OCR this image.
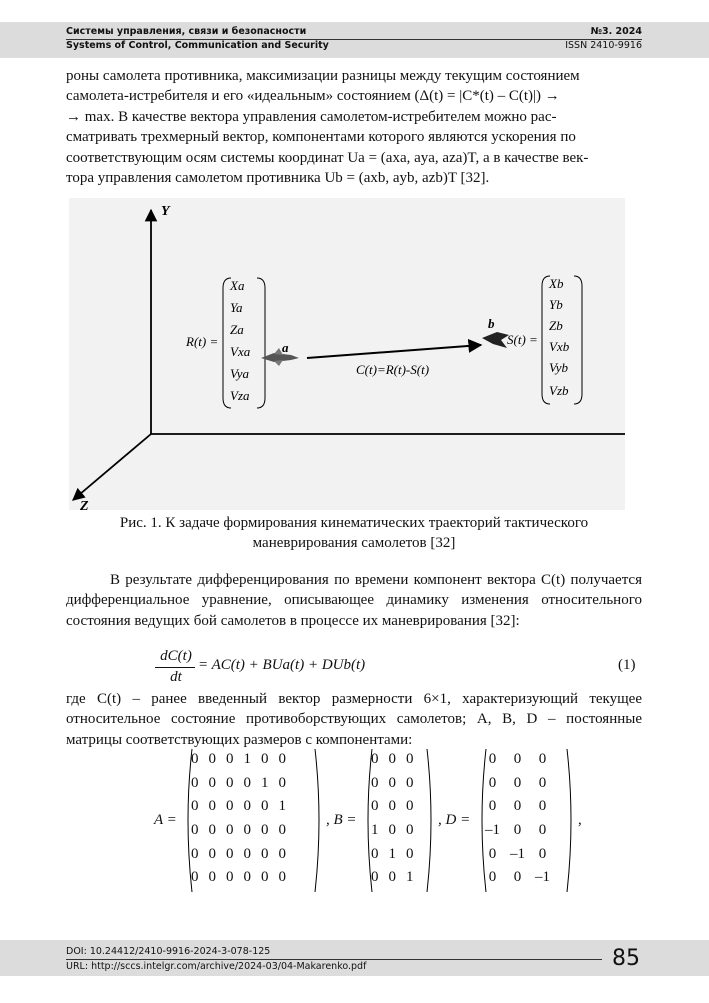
Системы управления, связи и безопасности	№3. 2024
Systems of Control, Communication and Security	ISSN 2410-9916

роны самолета противника, максимизации разницы между текущим состоянием

самолета-истребителя и его «идеальным» состоянием (Δ(t) = |C*(t) – C(t)|) →

→ max. В качестве вектора управления самолетом-истребителем можно рас-

сматривать трехмерный вектор, компонентами которого являются ускорения по

соответствующим осям системы координат Ua = (axa, aya, aza)T, а в качестве век-

тора управления самолетом противника Ub = (axb, ayb, azb)T [32].

Y
Z
R(t) =
Xa
Ya
Za
Vxa
Vya
Vza
a
C(t)=R(t)-S(t)
b
S(t) =
Xb
Yb
Zb
Vxb
Vyb
Vzb
Рис. 1. К задаче формирования кинематических траекторий тактического
маневрирования самолетов [32]

В результате дифференцирования по времени компонент вектора C(t) получается дифференциальное уравнение, описывающее динамику изменения относительного состояния ведущих бой самолетов в процессе их маневрирования [32]:

dC(t)
dt
= AC(t) + BUa(t) + DUb(t)	(1)

где C(t) – ранее введенный вектор размерности 6×1, характеризующий текущее относительное состояние противоборствующих самолетов; A, B, D – постоянные матрицы соответствующих размеров с компонентами:

A =
0	0	0	1	0	0
0	0	0	0	1	0
0	0	0	0	0	1
0	0	0	0	0	0
0	0	0	0	0	0
0	0	0	0	0	0
, B =
0	0	0
0	0	0
0	0	0
1	0	0
0	1	0
0	0	1
, D =
0	0	0
0	0	0
0	0	0
–1	0	0
0	–1	0
0	0	–1
,
DOI: 10.24412/2410-9916-2024-3-078-125
URL: http://sccs.intelgr.com/archive/2024-03/04-Makarenko.pdf	85
